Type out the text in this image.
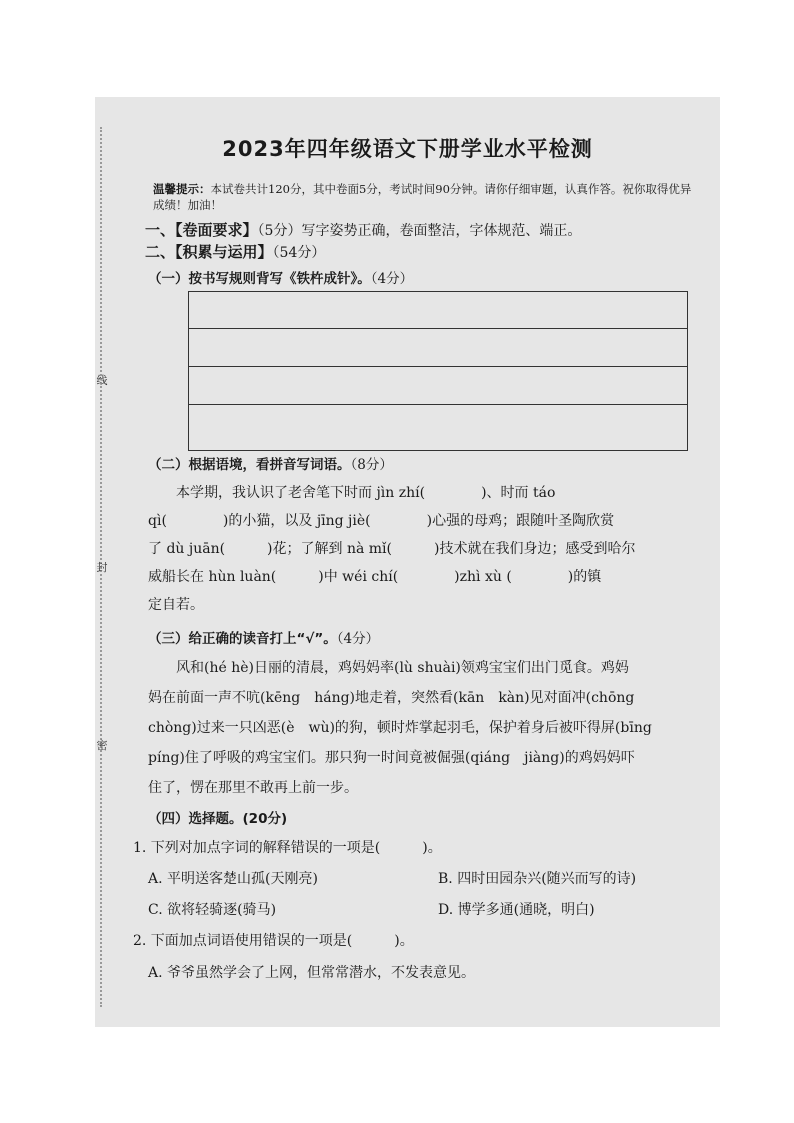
线
封
密
2023年四年级语文下册学业水平检测
温馨提示：本试卷共计120分，其中卷面5分，考试时间90分钟。请你仔细审题，认真作答。祝你取得优异成绩！加油！
一、【卷面要求】（5分）写字姿势正确，卷面整洁，字体规范、端正。
二、【积累与运用】（54分）
（一）按书写规则背写《铁杵成针》。（4分）
（二）根据语境，看拼音写词语。（8分）
　　本学期，我认识了老舍笔下时而 jìn zhí(　　　　)、时而 táo
qì(　　　　)的小猫，以及 jīng jiè(　　　　)心强的母鸡；跟随叶圣陶欣赏
了 dù juān(　　　)花；了解到 nà mǐ(　　　)技术就在我们身边；感受到哈尔
威船长在 hùn luàn(　　　)中 wéi chí(　　　　)zhì xù (　　　　)的镇
定自若。
（三）给正确的读音打上“√”。（4分）
　　风和(hé hè)日丽的清晨，鸡妈妈率(lù shuài)领鸡宝宝们出门觅食。鸡妈
妈在前面一声不吭(kēng　háng)地走着，突然看(kān　kàn)见对面冲(chōng
chòng)过来一只凶恶(è　wù)的狗，顿时炸掌起羽毛，保护着身后被吓得屏(bīng
píng)住了呼吸的鸡宝宝们。那只狗一时间竟被倔强(qiáng　jiàng)的鸡妈妈吓
住了，愣在那里不敢再上前一步。
（四）选择题。(20分)
1. 下列对加点字词的解释错误的一项是(　　　)。
A. 平明送客楚山孤(天刚亮)	B. 四时田园杂兴(随兴而写的诗)
C. 欲将轻骑逐(骑马)	D. 博学多通(通晓，明白)
2. 下面加点词语使用错误的一项是(　　　)。
A. 爷爷虽然学会了上网，但常常潜水，不发表意见。
